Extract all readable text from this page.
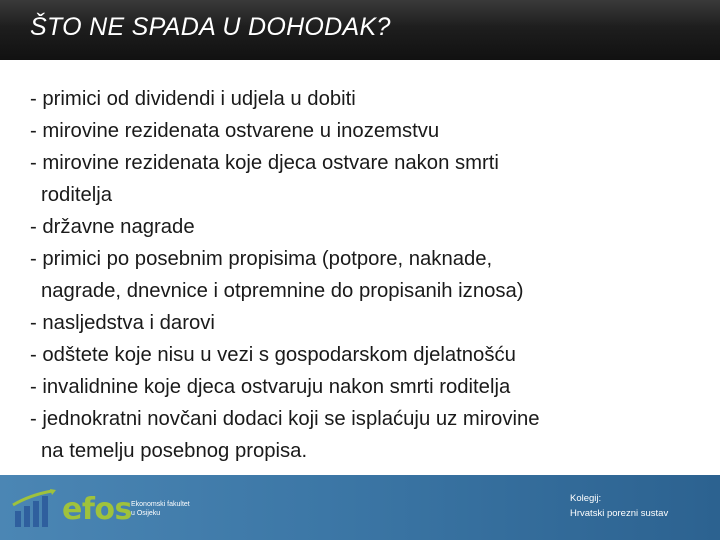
ŠTO NE SPADA U DOHODAK?
- primici od dividendi i udjela u dobiti
- mirovine rezidenata ostvarene u inozemstvu
- mirovine rezidenata koje djeca ostvare nakon smrti
roditelja
- državne nagrade
- primici po posebnim propisima (potpore, naknade,
nagrade, dnevnice i otpremnine do propisanih iznosa)
- nasljedstva i darovi
- odštete koje nisu u vezi s gospodarskom djelatnošću
- invalidnine koje djeca ostvaruju nakon smrti roditelja
- jednokratni novčani dodaci koji se isplaćuju uz mirovine
na temelju posebnog propisa.
efos Ekonomski fakultet
u Osijeku
Kolegij:
Hrvatski porezni sustav
